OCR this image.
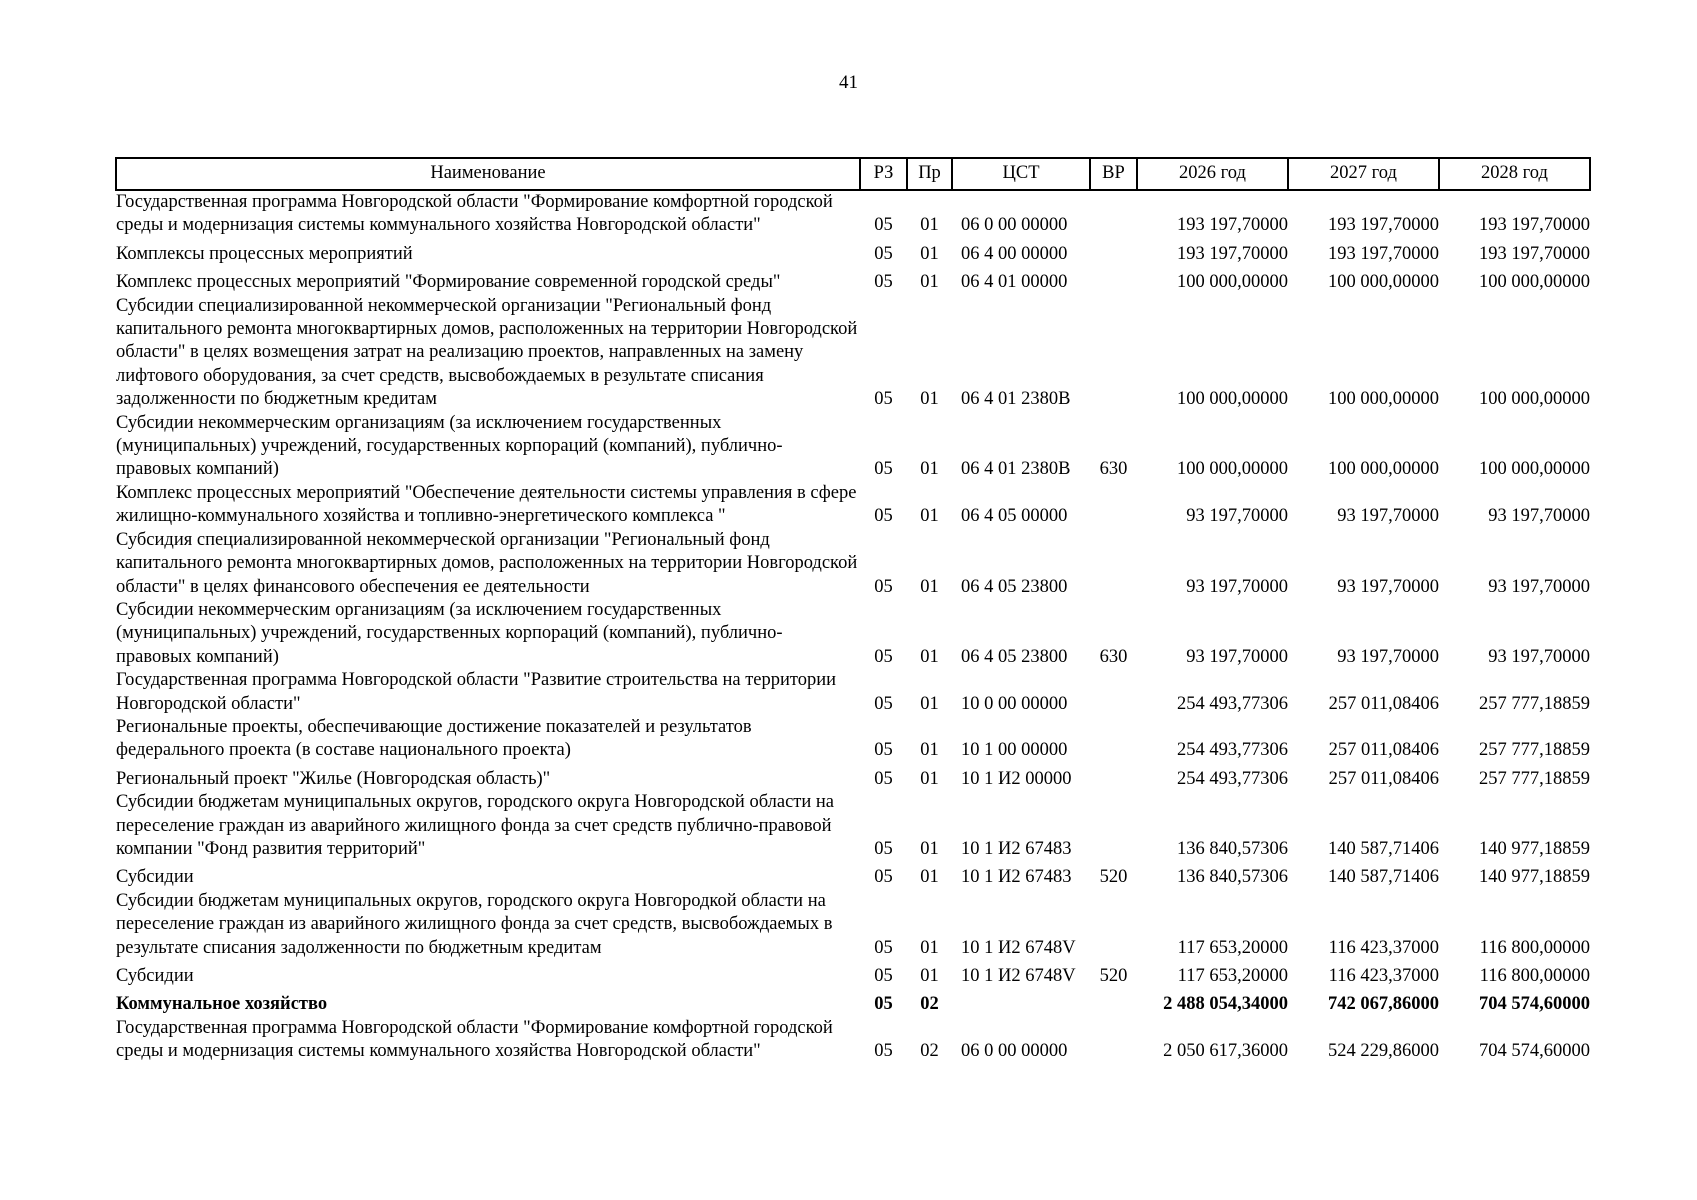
41
Наименование	РЗ	Пр	ЦСТ	ВР	2026 год	2027 год	2028 год
Государственная программа Новгородской области "Формирование комфортной городской среды и модернизация системы коммунального хозяйства Новгородской области"	05	01	06 0 00 00000		193 197,70000	193 197,70000	193 197,70000
Комплексы процессных мероприятий	05	01	06 4 00 00000		193 197,70000	193 197,70000	193 197,70000
Комплекс процессных мероприятий "Формирование современной городской среды"	05	01	06 4 01 00000		100 000,00000	100 000,00000	100 000,00000
Субсидии специализированной некоммерческой организации "Региональный фонд капитального ремонта многоквартирных домов, расположенных на территории Новгородской области" в целях возмещения затрат на реализацию проектов, направленных на замену лифтового оборудования, за счет средств, высвобождаемых в результате списания задолженности по бюджетным кредитам	05	01	06 4 01 2380В		100 000,00000	100 000,00000	100 000,00000
Субсидии некоммерческим организациям (за исключением государственных (муниципальных) учреждений, государственных корпораций (компаний), публично-правовых компаний)	05	01	06 4 01 2380В	630	100 000,00000	100 000,00000	100 000,00000
Комплекс процессных мероприятий "Обеспечение деятельности системы управления в сфере жилищно-коммунального хозяйства и топливно-энергетического комплекса "	05	01	06 4 05 00000		93 197,70000	93 197,70000	93 197,70000
Субсидия специализированной некоммерческой организации "Региональный фонд капитального ремонта многоквартирных домов, расположенных на территории Новгородской области" в целях финансового обеспечения ее деятельности	05	01	06 4 05 23800		93 197,70000	93 197,70000	93 197,70000
Субсидии некоммерческим организациям (за исключением государственных (муниципальных) учреждений, государственных корпораций (компаний), публично-правовых компаний)	05	01	06 4 05 23800	630	93 197,70000	93 197,70000	93 197,70000
Государственная программа Новгородской области "Развитие строительства на территории Новгородской области"	05	01	10 0 00 00000		254 493,77306	257 011,08406	257 777,18859
Региональные проекты, обеспечивающие достижение показателей и результатов федерального проекта (в составе национального проекта)	05	01	10 1 00 00000		254 493,77306	257 011,08406	257 777,18859
Региональный проект "Жилье (Новгородская область)"	05	01	10 1 И2 00000		254 493,77306	257 011,08406	257 777,18859
Субсидии бюджетам муниципальных округов, городского округа Новгородской области на переселение граждан из аварийного жилищного фонда за счет средств публично-правовой компании "Фонд развития территорий"	05	01	10 1 И2 67483		136 840,57306	140 587,71406	140 977,18859
Субсидии	05	01	10 1 И2 67483	520	136 840,57306	140 587,71406	140 977,18859
Субсидии бюджетам муниципальных округов, городского округа Новгородкой области на переселение граждан из аварийного жилищного фонда за счет средств, высвобождаемых в результате списания задолженности по бюджетным кредитам	05	01	10 1 И2 6748V		117 653,20000	116 423,37000	116 800,00000
Субсидии	05	01	10 1 И2 6748V	520	117 653,20000	116 423,37000	116 800,00000
Коммунальное хозяйство	05	02			2 488 054,34000	742 067,86000	704 574,60000
Государственная программа Новгородской области "Формирование комфортной городской среды и модернизация системы коммунального хозяйства Новгородской области"	05	02	06 0 00 00000		2 050 617,36000	524 229,86000	704 574,60000
